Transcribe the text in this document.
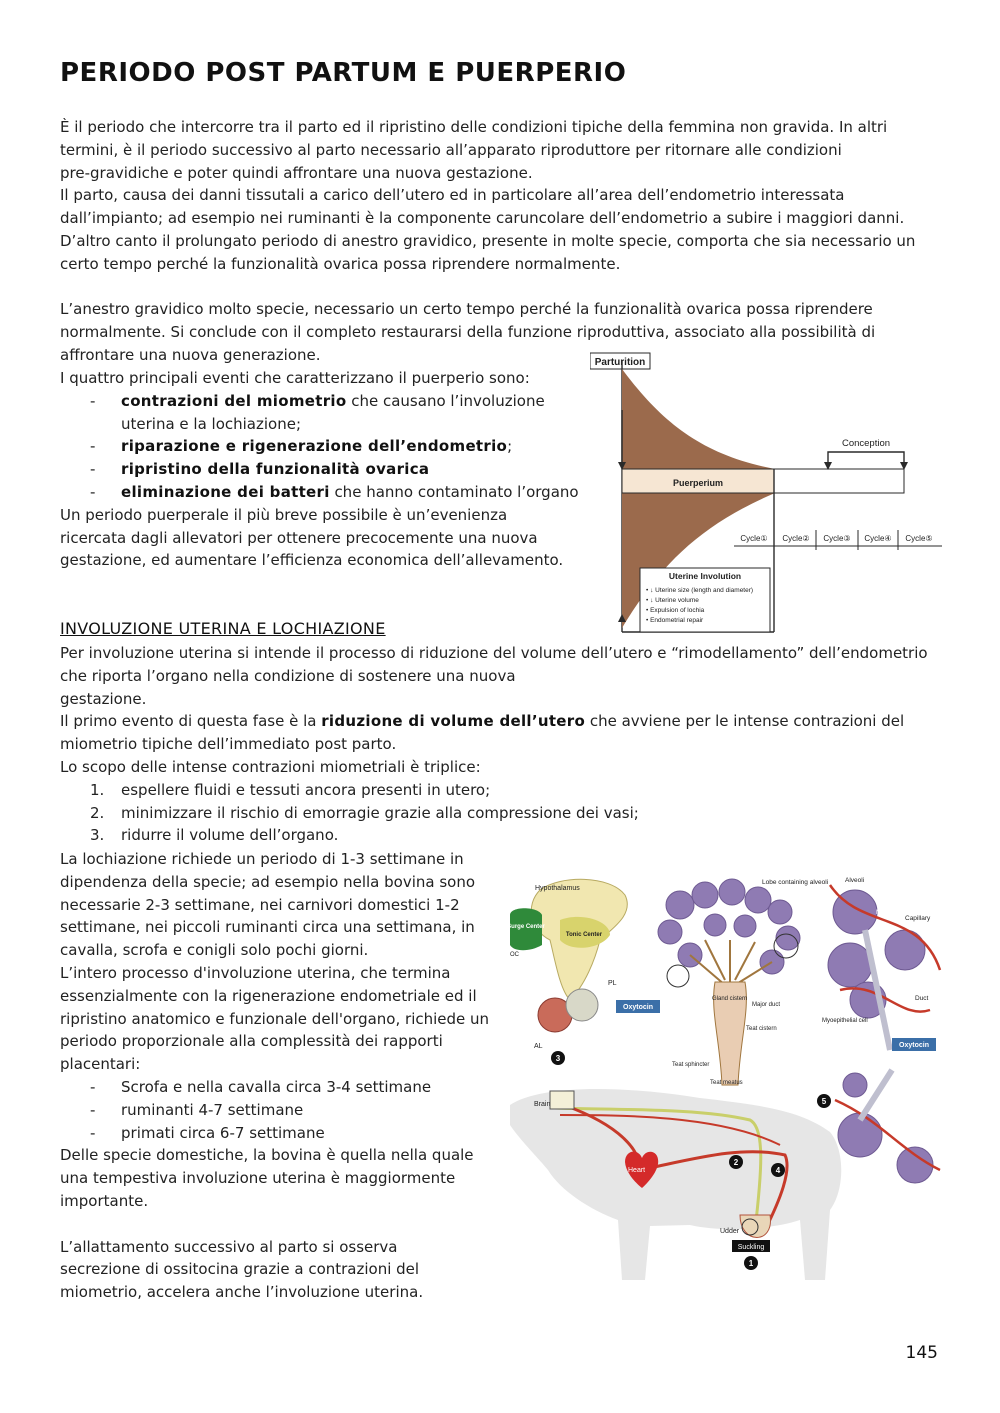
PERIODO POST PARTUM E PUERPERIO

È il periodo che intercorre tra il parto ed il ripristino delle condizioni tipiche della femmina non gravida. In altri

termini, è il periodo successivo al parto necessario all’apparato riproduttore per ritornare alle condizioni

pre-gravidiche e poter quindi affrontare una nuova gestazione.

Il parto, causa dei danni tissutali a carico dell’utero ed in particolare all’area dell’endometrio interessata

dall’impianto; ad esempio nei ruminanti è la componente caruncolare dell’endometrio a subire i maggiori danni.

D’altro canto il prolungato periodo di anestro gravidico, presente in molte specie, comporta che sia necessario un

certo tempo perché la funzionalità ovarica possa riprendere normalmente.

L’anestro gravidico molto specie, necessario un certo tempo perché la funzionalità ovarica possa riprendere

normalmente. Si conclude con il completo restaurarsi della funzione riproduttiva, associato alla possibilità di

affrontare una nuova generazione.

I quattro principali eventi che caratterizzano il puerperio sono:

- contrazioni del miometrio che causano l’involuzione
uterina e la lochiazione;
- riparazione e rigenerazione dell’endometrio;
- ripristino della funzionalità ovarica
- eliminazione dei batteri che hanno contaminato l’organo

Un periodo puerperale il più breve possibile è un’evenienza

ricercata dagli allevatori per ottenere precocemente una nuova

gestazione, ed aumentare l’efficienza economica dell’allevamento.

Parturition
Puerperium
Conception
Cycle① Cycle② Cycle③ Cycle④ Cycle⑤
Uterine Involution
• ↓ Uterine size (length and diameter)
• ↓ Uterine volume
• Expulsion of lochia
• Endometrial repair
INVOLUZIONE UTERINA E LOCHIAZIONE

Per involuzione uterina si intende il processo di riduzione del volume dell’utero e “rimodellamento” dell’endometrio

che riporta l’organo nella condizione di sostenere una nuova

gestazione.

Il primo evento di questa fase è la riduzione di volume dell’utero che avviene per le intense contrazioni del

miometrio tipiche dell’immediato post parto.

Lo scopo delle intense contrazioni miometriali è triplice:

1. espellere fluidi e tessuti ancora presenti in utero;
2. minimizzare il rischio di emorragie grazie alla compressione dei vasi;
3. ridurre il volume dell’organo.

La lochiazione richiede un periodo di 1-3 settimane in

dipendenza della specie; ad esempio nella bovina sono

necessarie 2-3 settimane, nei carnivori domestici 1-2

settimane, nei piccoli ruminanti circa una settimana, in

cavalla, scrofa e conigli solo pochi giorni.

L’intero processo d'involuzione uterina, che termina

essenzialmente con la rigenerazione endometriale ed il

ripristino anatomico e funzionale dell'organo, richiede un

periodo proporzionale alla complessità dei rapporti

placentari:

- Scrofa e nella cavalla circa 3-4 settimane
- ruminanti 4-7 settimane
- primati circa 6-7 settimane

Delle specie domestiche, la bovina è quella nella quale

una tempestiva involuzione uterina è maggiormente

importante.

L’allattamento successivo al parto si osserva

secrezione di ossitocina grazie a contrazioni del

miometrio, accelera anche l’involuzione uterina.

Heart
Brain
Udder
Suckling
Hypothalamus
Surge Center
Tonic Center
OC
PL
AL
Oxytocin
Lobe containing alveoli
Gland cistern
Major duct
Teat cistern
Teat sphincter
Teat meatus
Alveoli
Milk
Capillary
Duct
Myoepithelial cell
Oxytocin
Milk
3
2
4
5
1
145
